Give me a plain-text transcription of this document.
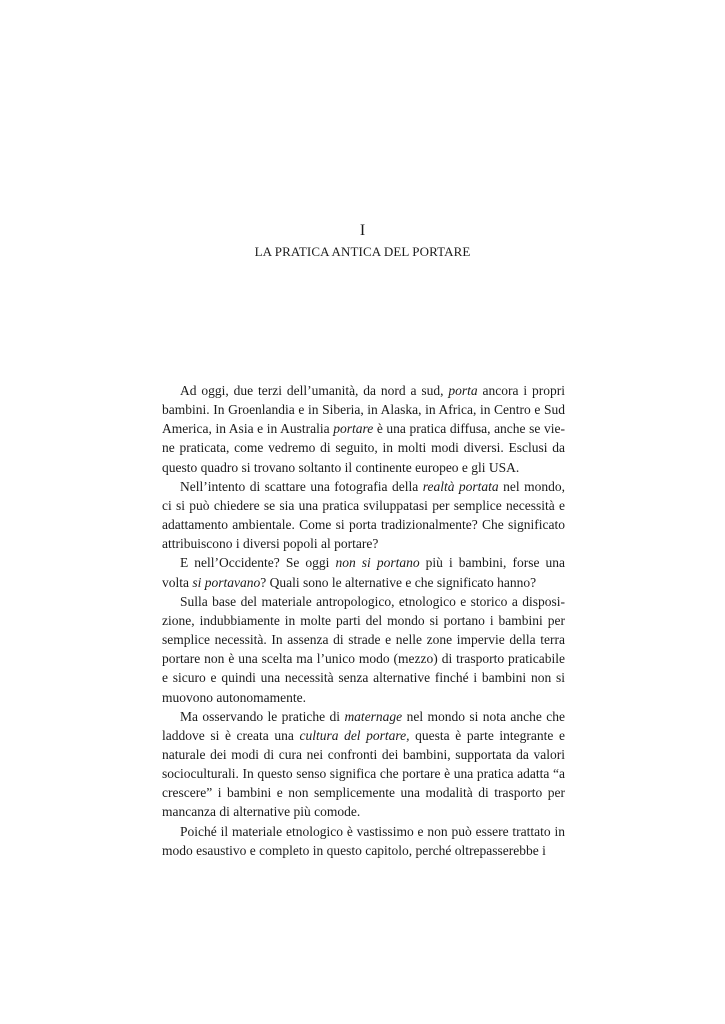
I
LA PRATICA ANTICA DEL PORTARE

Ad oggi, due terzi dell’umanità, da nord a sud, porta ancora i propri bambini. In Groenlandia e in Siberia, in Alaska, in Africa, in Centro e Sud America, in Asia e in Australia portare è una pratica diffusa, anche se viene praticata, come vedremo di seguito, in molti modi diversi. Esclusi da questo quadro si trovano soltanto il continente europeo e gli USA.

Nell’intento di scattare una fotografia della realtà portata nel mondo, ci si può chiedere se sia una pratica sviluppatasi per semplice necessità e adattamento ambientale. Come si porta tradizionalmente? Che significato attribuiscono i diversi popoli al portare?

E nell’Occidente? Se oggi non si portano più i bambini, forse una volta si portavano? Quali sono le alternative e che significato hanno?

Sulla base del materiale antropologico, etnologico e storico a disposizione, indubbiamente in molte parti del mondo si portano i bambini per semplice necessità. In assenza di strade e nelle zone impervie della terra portare non è una scelta ma l’unico modo (mezzo) di trasporto praticabile e sicuro e quindi una necessità senza alternative finché i bambini non si muovono autonomamente.

Ma osservando le pratiche di maternage nel mondo si nota anche che laddove si è creata una cultura del portare, questa è parte integrante e naturale dei modi di cura nei confronti dei bambini, supportata da valori socioculturali. In questo senso significa che portare è una pratica adatta “a crescere” i bambini e non semplicemente una modalità di trasporto per mancanza di alternative più comode.

Poiché il materiale etnologico è vastissimo e non può essere trattato in modo esaustivo e completo in questo capitolo, perché oltrepasserebbe i
